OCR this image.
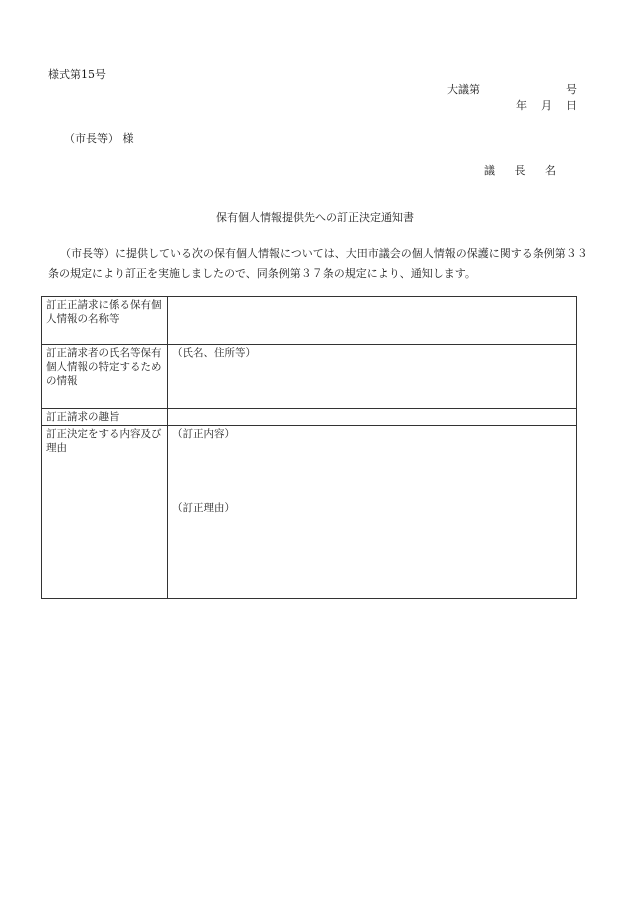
様式第15号
大議第	号
年 月 日
（市長等） 様
議 長 名
保有個人情報提供先への訂正決定通知書

（市長等）に提供している次の保有個人情報については、大田市議会の個人情報の保護に関する条例第３３条の規定により訂正を実施しましたので、同条例第３７条の規定により、通知します。

訂正正請求に係る保有個人情報の名称等	
訂正請求者の氏名等保有個人情報の特定するための情報	（氏名、住所等）
訂正請求の趣旨	
訂正決定をする内容及び理由	（訂正内容）
（訂正理由）
